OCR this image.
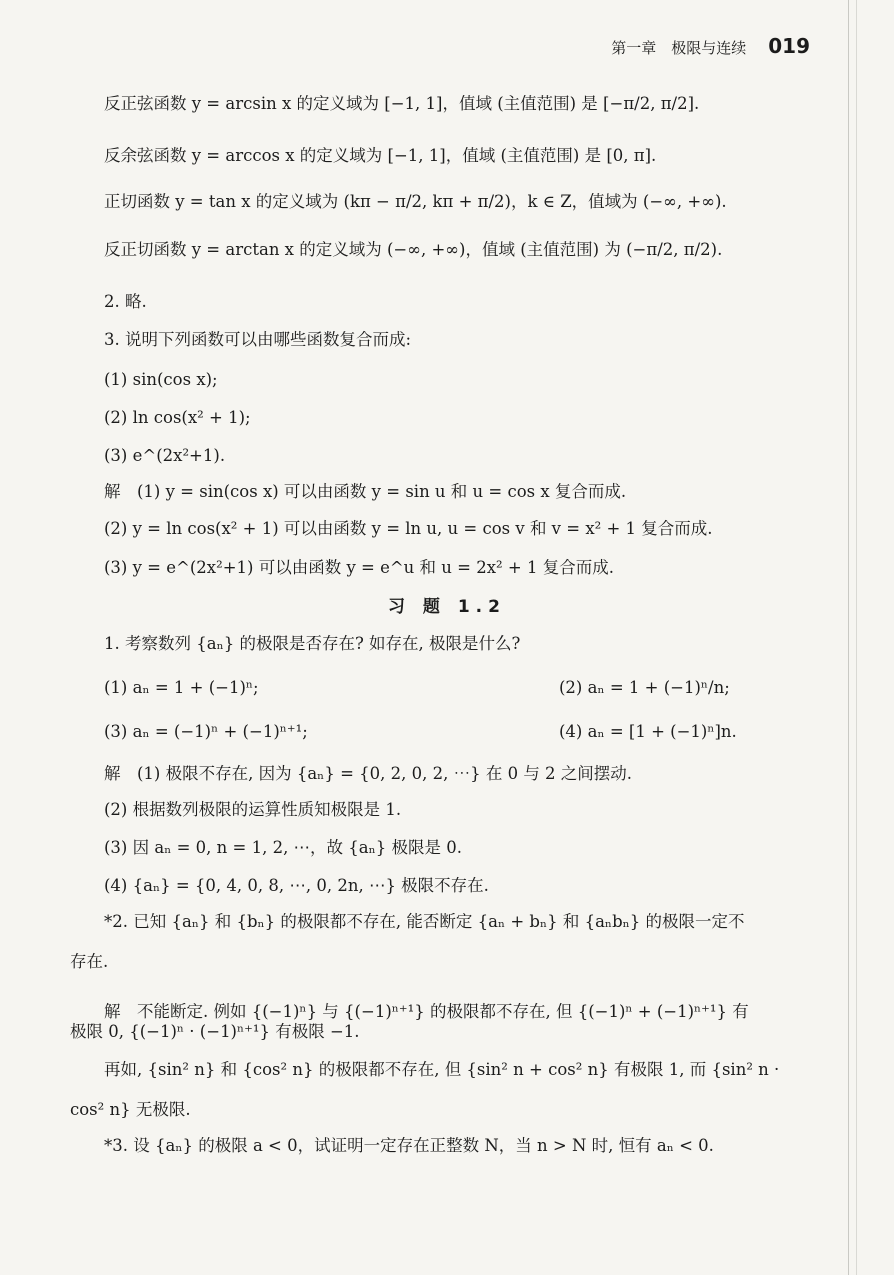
第一章　极限与连续 019
反正弦函数 y = arcsin x 的定义域为 [−1, 1]，值域 (主值范围) 是 [−π/2, π/2].
反余弦函数 y = arccos x 的定义域为 [−1, 1]，值域 (主值范围) 是 [0, π].
正切函数 y = tan x 的定义域为 (kπ − π/2, kπ + π/2)，k ∈ Z，值域为 (−∞, +∞).
反正切函数 y = arctan x 的定义域为 (−∞, +∞)，值域 (主值范围) 为 (−π/2, π/2).
2. 略.
3. 说明下列函数可以由哪些函数复合而成:
(1) sin(cos x);
(2) ln cos(x² + 1);
(3) e^(2x²+1).
解　(1) y = sin(cos x) 可以由函数 y = sin u 和 u = cos x 复合而成.
(2) y = ln cos(x² + 1) 可以由函数 y = ln u, u = cos v 和 v = x² + 1 复合而成.
(3) y = e^(2x²+1) 可以由函数 y = e^u 和 u = 2x² + 1 复合而成.
习 题 1.2
1. 考察数列 {aₙ} 的极限是否存在? 如存在, 极限是什么?
(1) aₙ = 1 + (−1)ⁿ;	(2) aₙ = 1 + (−1)ⁿ/n;
(3) aₙ = (−1)ⁿ + (−1)ⁿ⁺¹;	(4) aₙ = [1 + (−1)ⁿ]n.
解　(1) 极限不存在, 因为 {aₙ} = {0, 2, 0, 2, ⋯} 在 0 与 2 之间摆动.
(2) 根据数列极限的运算性质知极限是 1.
(3) 因 aₙ = 0, n = 1, 2, ⋯，故 {aₙ} 极限是 0.
(4) {aₙ} = {0, 4, 0, 8, ⋯, 0, 2n, ⋯} 极限不存在.
*2. 已知 {aₙ} 和 {bₙ} 的极限都不存在, 能否断定 {aₙ + bₙ} 和 {aₙbₙ} 的极限一定不
存在.
解　不能断定. 例如 {(−1)ⁿ} 与 {(−1)ⁿ⁺¹} 的极限都不存在, 但 {(−1)ⁿ + (−1)ⁿ⁺¹} 有
极限 0, {(−1)ⁿ · (−1)ⁿ⁺¹} 有极限 −1.
再如, {sin² n} 和 {cos² n} 的极限都不存在, 但 {sin² n + cos² n} 有极限 1, 而 {sin² n ·
cos² n} 无极限.
*3. 设 {aₙ} 的极限 a < 0，试证明一定存在正整数 N，当 n > N 时, 恒有 aₙ < 0.
